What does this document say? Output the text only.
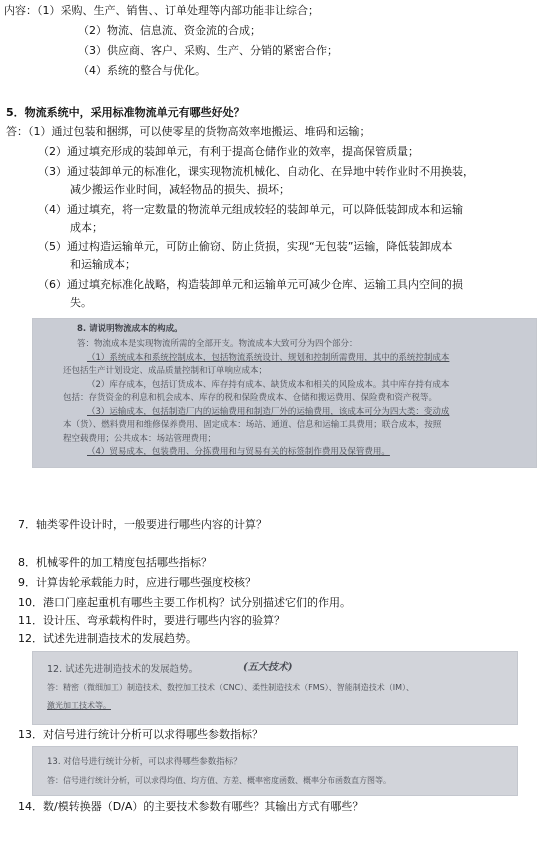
内容：（1）采购、生产、销售、、订单处理等内部功能非让综合；
（2）物流、信息流、资金流的合成；
（3）供应商、客户、采购、生产、分销的紧密合作；
（4）系统的整合与优化。
5．物流系统中，采用标准物流单元有哪些好处？
答：（1）通过包装和捆绑，可以使零星的货物高效率地搬运、堆码和运输；
（2）通过填充形成的装卸单元，有利于提高仓储作业的效率，提高保管质量；
（3）通过装卸单元的标准化，课实现物流机械化、自动化、在异地中转作业时不用换装，
减少搬运作业时间，减轻物品的损失、损坏；
（4）通过填充，将一定数量的物流单元组成较轻的装卸单元，可以降低装卸成本和运输
成本；
（5）通过构造运输单元，可防止偷窃、防止货损，实现“无包装”运输，降低装卸成本
和运输成本；
（6）通过填充标准化战略，构造装卸单元和运输单元可减少仓库、运输工具内空间的损
失。
8. 请说明物流成本的构成。
答：物流成本是实现物流所需的全部开支。物流成本大致可分为四个部分：
（1）系统成本和系统控制成本，包括物流系统设计、规划和控制所需费用，其中的系统控制成本
还包括生产计划设定、成品质量控制和订单响应成本；
（2）库存成本，包括订货成本、库存持有成本、缺货成本和相关的风险成本。其中库存持有成本
包括：存货资金的利息和机会成本、库存的税和保险费成本、仓储和搬运费用、保险费和资产税等。
（3）运输成本，包括制造厂内的运输费用和制造厂外的运输费用，该成本可分为四大类：变动成
本（货）、燃料费用和维修保养费用、固定成本：场站、通道、信息和运输工具费用；联合成本，按照
程空载费用；公共成本：场站管理费用；
（4）贸易成本，包装费用、分拣费用和与贸易有关的标签制作费用及保管费用。
7．轴类零件设计时，一般要进行哪些内容的计算？
8．机械零件的加工精度包括哪些指标？
9．计算齿轮承载能力时，应进行哪些强度校核？
10．港口门座起重机有哪些主要工作机构？试分别描述它们的作用。
11．设计压、弯承载构件时，要进行哪些内容的验算？
12．试述先进制造技术的发展趋势。
12. 试述先进制造技术的发展趋势。	(五大技术)
答：精密（微细加工）制造技术、数控加工技术（CNC）、柔性制造技术（FMS）、智能制造技术（IM）、
激光加工技术等。
13．对信号进行统计分析可以求得哪些参数指标？
13. 对信号进行统计分析，可以求得哪些参数指标？
答：信号进行统计分析，可以求得均值、均方值、方差、概率密度函数、概率分布函数直方图等。
14．数/模转换器（D/A）的主要技术参数有哪些？其输出方式有哪些？
